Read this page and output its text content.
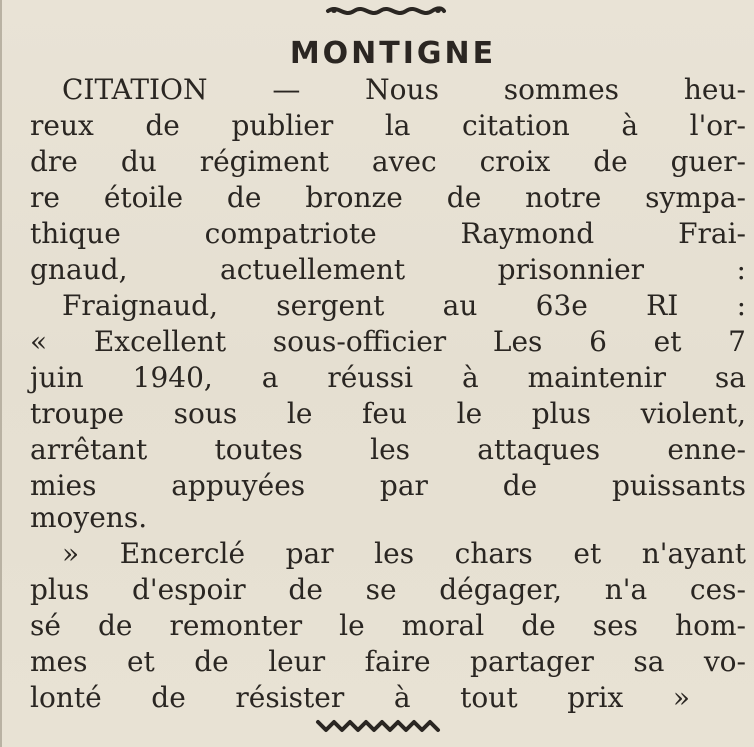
MONTIGNE
CITATION — Nous sommes heu-
reux de publier la citation à l'or-
dre du régiment avec croix de guer-
re étoile de bronze de notre sympa-
thique compatriote Raymond Frai-
gnaud, actuellement prisonnier :
Fraignaud, sergent au 63e RI :
« Excellent sous-officier Les 6 et 7
juin 1940, a réussi à maintenir sa
troupe sous le feu le plus violent,
arrêtant toutes les attaques enne-
mies appuyées par de puissants
moyens.
» Encerclé par les chars et n'ayant
plus d'espoir de se dégager, n'a ces-
sé de remonter le moral de ses hom-
mes et de leur faire partager sa vo-
lonté de résister à tout prix »
